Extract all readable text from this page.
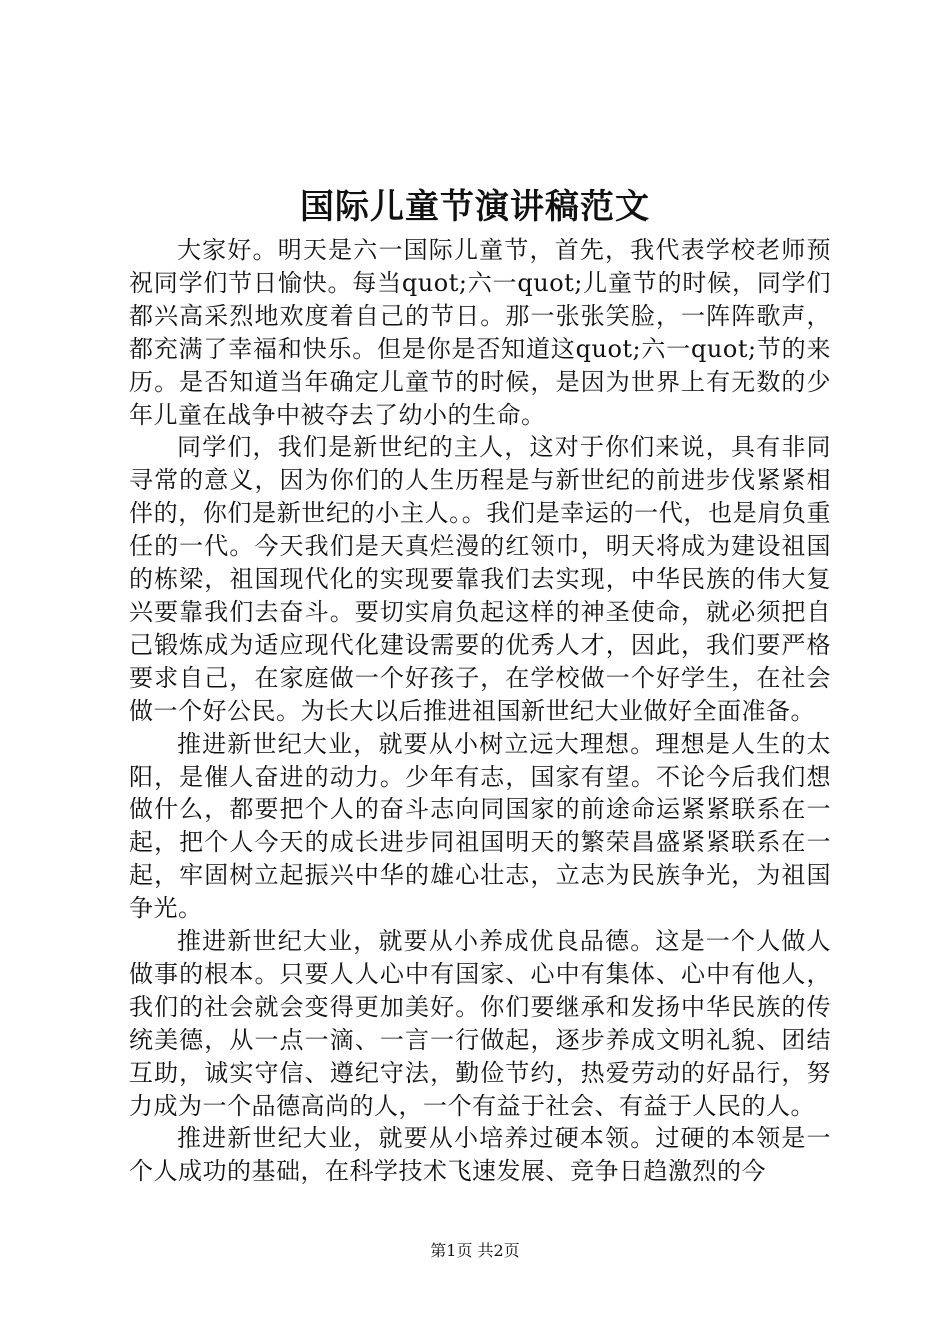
国际儿童节演讲稿范文

大家好。明天是六一国际儿童节，首先，我代表学校老师预祝同学们节日愉快。每当quot;六一quot;儿童节的时候，同学们都兴高采烈地欢度着自己的节日。那一张张笑脸，一阵阵歌声，都充满了幸福和快乐。但是你是否知道这quot;六一quot;节的来历。是否知道当年确定儿童节的时候，是因为世界上有无数的少年儿童在战争中被夺去了幼小的生命。

同学们，我们是新世纪的主人，这对于你们来说，具有非同寻常的意义，因为你们的人生历程是与新世纪的前进步伐紧紧相伴的，你们是新世纪的小主人。。我们是幸运的一代，也是肩负重任的一代。今天我们是天真烂漫的红领巾，明天将成为建设祖国的栋梁，祖国现代化的实现要靠我们去实现，中华民族的伟大复兴要靠我们去奋斗。要切实肩负起这样的神圣使命，就必须把自己锻炼成为适应现代化建设需要的优秀人才，因此，我们要严格要求自己，在家庭做一个好孩子，在学校做一个好学生，在社会做一个好公民。为长大以后推进祖国新世纪大业做好全面准备。

推进新世纪大业，就要从小树立远大理想。理想是人生的太阳，是催人奋进的动力。少年有志，国家有望。不论今后我们想做什么，都要把个人的奋斗志向同国家的前途命运紧紧联系在一起，把个人今天的成长进步同祖国明天的繁荣昌盛紧紧联系在一起，牢固树立起振兴中华的雄心壮志，立志为民族争光，为祖国争光。

推进新世纪大业，就要从小养成优良品德。这是一个人做人做事的根本。只要人人心中有国家、心中有集体、心中有他人，我们的社会就会变得更加美好。你们要继承和发扬中华民族的传统美德，从一点一滴、一言一行做起，逐步养成文明礼貌、团结互助，诚实守信、遵纪守法，勤俭节约，热爱劳动的好品行，努力成为一个品德高尚的人，一个有益于社会、有益于人民的人。

推进新世纪大业，就要从小培养过硬本领。过硬的本领是一个人成功的基础，在科学技术飞速发展、竞争日趋激烈的今

第1页 共2页
